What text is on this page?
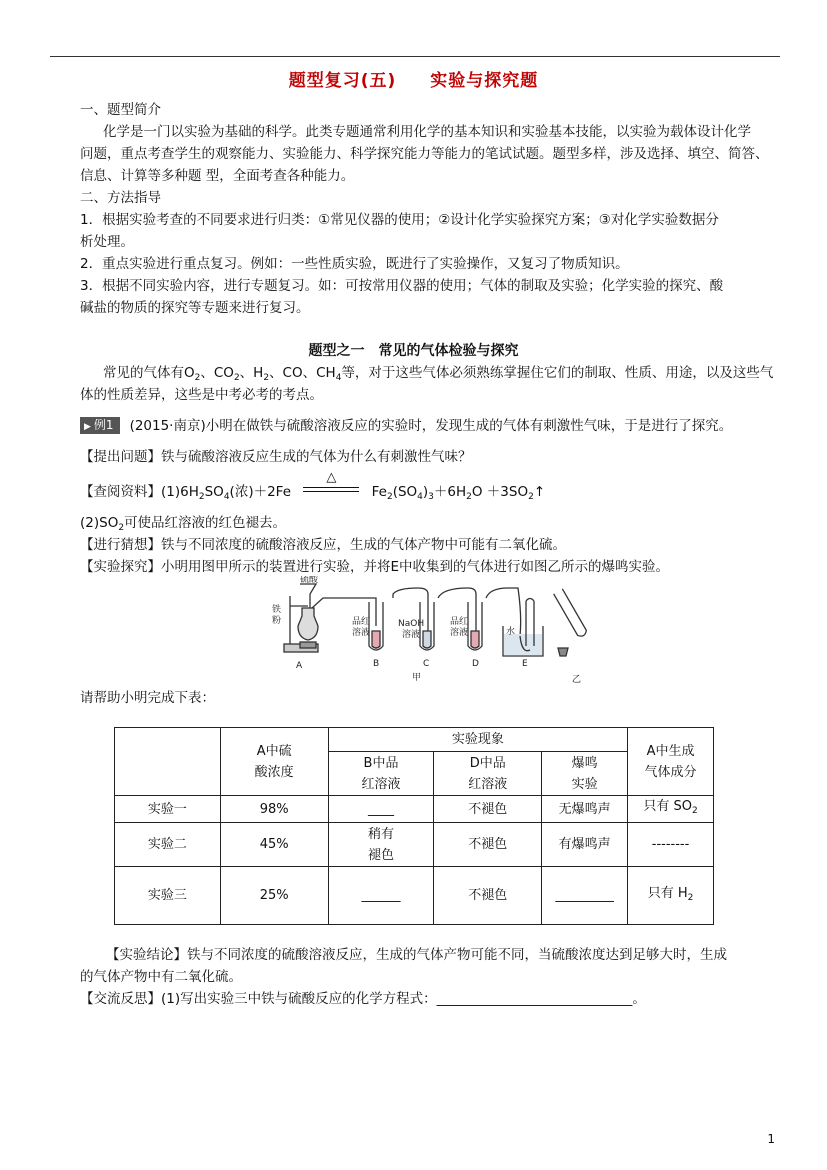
题型复习(五) 实验与探究题
一、题型简介
化学是一门以实验为基础的科学。此类专题通常利用化学的基本知识和实验基本技能，以实验为载体设计化学
问题，重点考查学生的观察能力、实验能力、科学探究能力等能力的笔试试题。题型多样，涉及选择、填空、简答、
信息、计算等多种题 型，全面考查各种能力。
二、方法指导
1．根据实验考查的不同要求进行归类：①常见仪器的使用；②设计化学实验探究方案；③对化学实验数据分
析处理。
2．重点实验进行重点复习。例如：一些性质实验，既进行了实验操作，又复习了物质知识。
3．根据不同实验内容，进行专题复习。如：可按常用仪器的使用；气体的制取及实验；化学实验的探究、酸
碱盐的物质的探究等专题来进行复习。
题型之一 常见的气体检验与探究
常见的气体有$O_2$、$CO_2$、$H_2$、CO、$CH_4$等，对于这些气体必须熟练掌握住它们的制取、性质、用途，以及这些气
体的性质差异，这些是中考必考的考点。
▶ 例1 (2015·南京)小明在做铁与硫酸溶液反应的实验时，发现生成的气体有刺激性气味，于是进行了探究。
【提出问题】铁与硫酸溶液反应生成的气体为什么有刺激性气味？
【查阅资料】$(1)6H_2SO_4$(浓)＋2Fe
△
$Fe_2(SO_4)_3+6H_2O$ $+3SO_2↑$
$(2)SO_2$可使品红溶液的红色褪去。
【进行猜想】铁与不同浓度的硫酸溶液反应，生成的气体产物中可能有二氧化硫。
【实验探究】小明用图甲所示的装置进行实验，并将E中收集到的气体进行如图乙所示的爆鸣实验。
硫酸
铁
粉	品红
溶液
NaOH
溶液
品红
溶液	水
A	B	C	D	E
甲	乙
请帮助小明完成下表：
	A中硫
酸浓度	实验现象			A中生成
气体成分
		B中品
红溶液	D中品
红溶液	爆鸣
实验	
实验一	98%	____	不褪色	无爆鸣声	只有 $SO_2$
实验二	45%	稍有
褪色	不褪色	有爆鸣声	--------
实验三	25%	______	不褪色	_________	只有 $H_2$
【实验结论】铁与不同浓度的硫酸溶液反应，生成的气体产物可能不同，当硫酸浓度达到足够大时，生成
的气体产物中有二氧化硫。
【交流反思】(1)写出实验三中铁与硫酸反应的化学方程式：_____________________________。
1
